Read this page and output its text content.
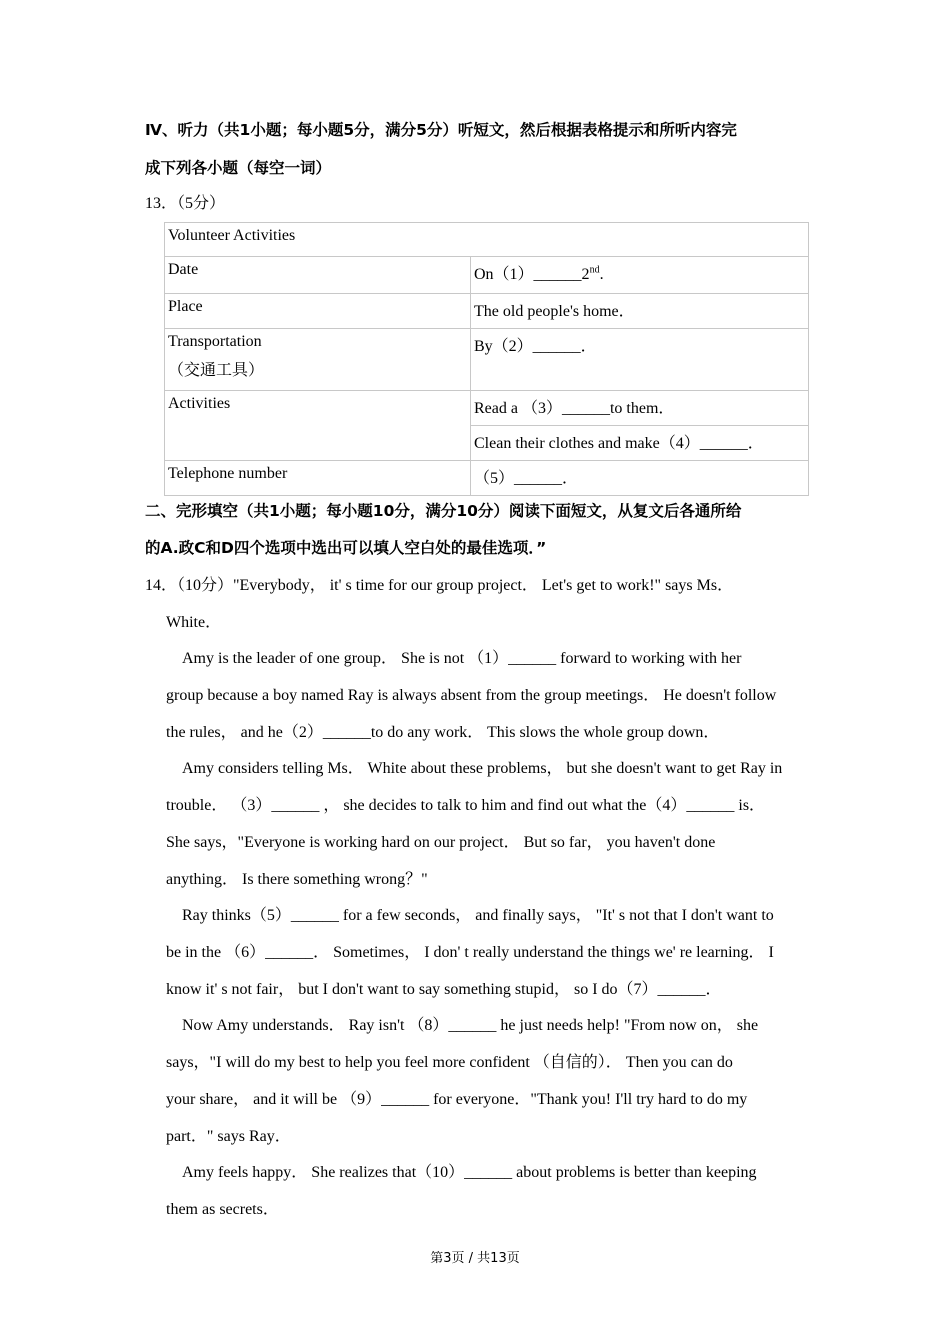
Ⅳ、听力（共1小题；每小题5分，满分5分）听短文，然后根据表格提示和所听内容完
成下列各小题（每空一词）
13．（5分）
Volunteer Activities	
Date	On（1）______2nd.
Place	The old people's home．

Transportation
（交通工具）	By（2）______．
Activities	Read a （3）______to them．
	Clean their clothes and make（4）______．
Telephone number	（5）______．
二、完形填空（共1小题；每小题10分，满分10分）阅读下面短文，从复文后各通所给
的A.政C和D四个选项中选出可以填人空白处的最佳选项．”
14．（10分）"Everybody， it' s time for our group project． Let's get to work!" says Ms．
White．
Amy is the leader of one group． She is not （1）______ forward to working with her
group because a boy named Ray is always absent from the group meetings． He doesn't follow
the rules， and he（2）______to do any work． This slows the whole group down．
Amy considers telling Ms． White about these problems， but she doesn't want to get Ray in
trouble． （3）______ ， she decides to talk to him and find out what the（4）______ is．
She says，"Everyone is working hard on our project． But so far， you haven't done
anything． Is there something wrong？"
Ray thinks（5）______ for a few seconds， and finally says， "It' s not that I don't want to
be in the （6）______． Sometimes， I don' t really understand the things we' re learning． I
know it' s not fair， but I don't want to say something stupid， so I do（7）______．
Now Amy understands． Ray isn't （8）______ he just needs help! "From now on， she
says，"I will do my best to help you feel more confident （自信的）． Then you can do
your share， and it will be （9）______ for everyone．"Thank you! I'll try hard to do my
part．" says Ray．
Amy feels happy． She realizes that（10）______ about problems is better than keeping
them as secrets．
第3页 / 共13页
